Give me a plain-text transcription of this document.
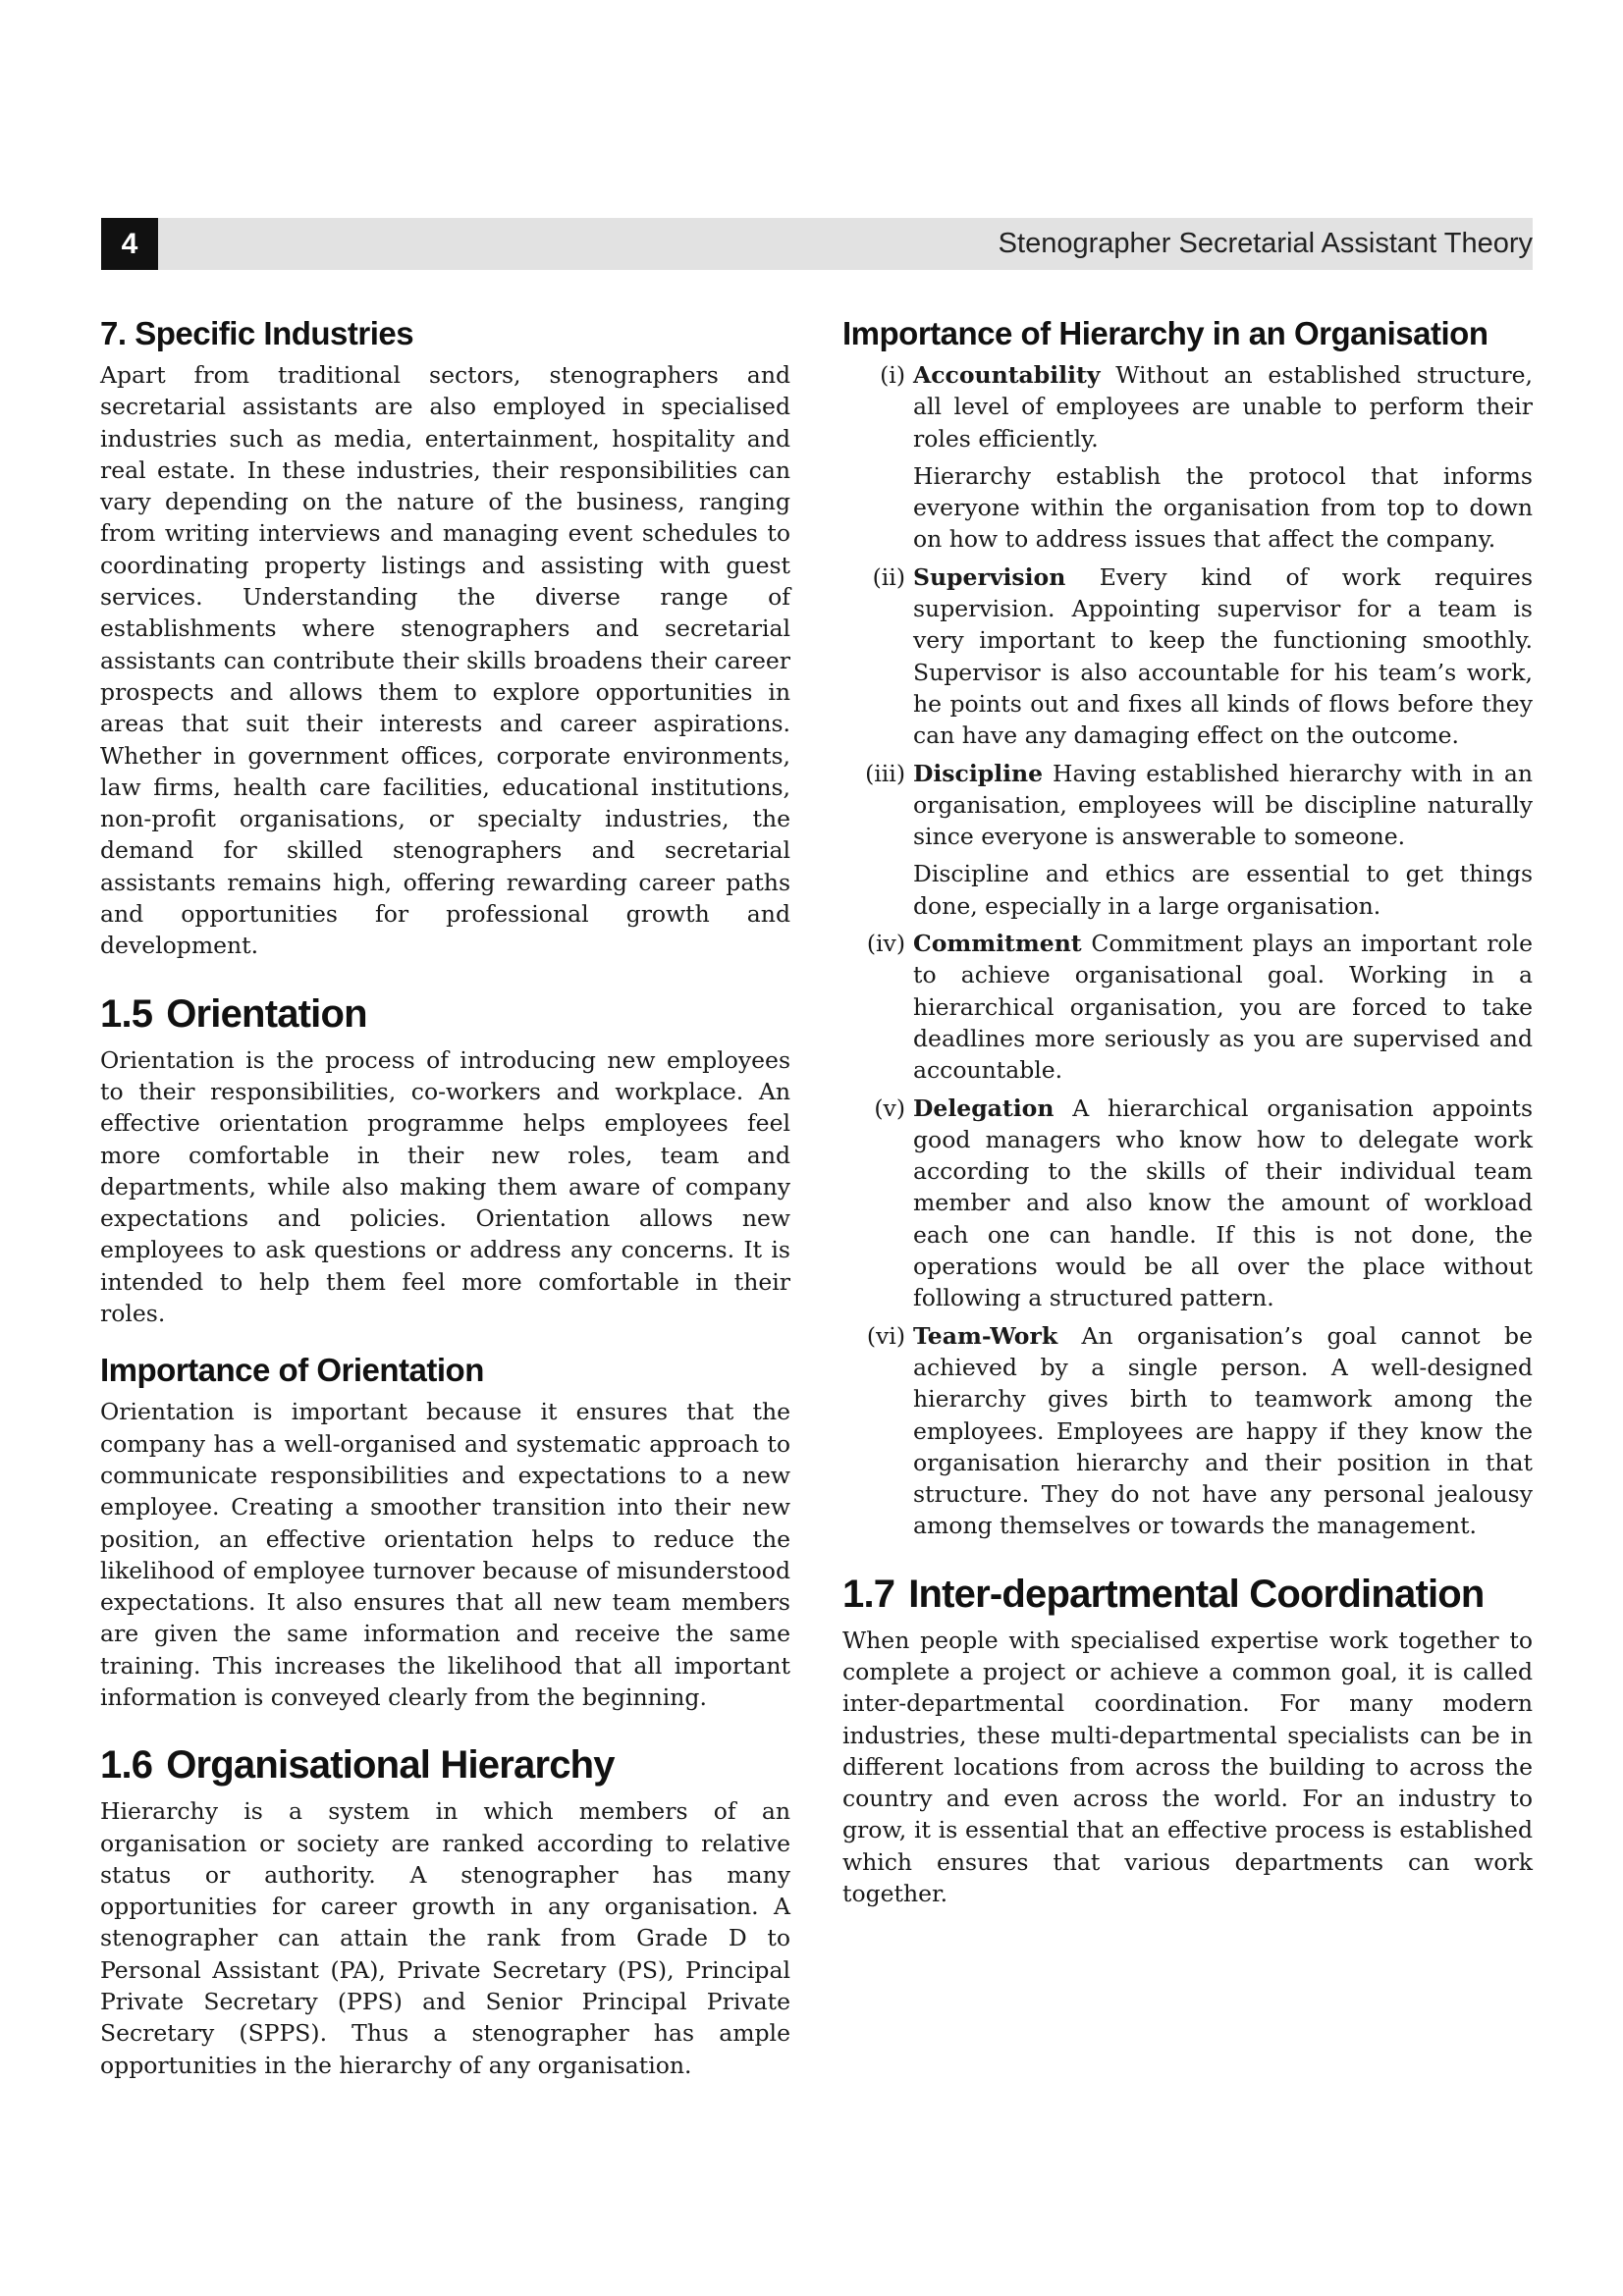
4	Stenographer Secretarial Assistant Theory
7. Specific Industries

Apart from traditional sectors, stenographers and secretarial assistants are also employed in specialised industries such as media, entertainment, hospitality and real estate. In these industries, their responsibilities can vary depending on the nature of the business, ranging from writing interviews and managing event schedules to coordinating property listings and assisting with guest services. Understanding the diverse range of establishments where stenographers and secretarial assistants can contribute their skills broadens their career prospects and allows them to explore opportunities in areas that suit their interests and career aspirations. Whether in government offices, corporate environments, law firms, health care facilities, educational institutions, non-profit organisations, or specialty industries, the demand for skilled stenographers and secretarial assistants remains high, offering rewarding career paths and opportunities for professional growth and development.

1.5 Orientation

Orientation is the process of introducing new employees to their responsibilities, co-workers and workplace. An effective orientation programme helps employees feel more comfortable in their new roles, team and departments, while also making them aware of company expectations and policies. Orientation allows new employees to ask questions or address any concerns. It is intended to help them feel more comfortable in their roles.

Importance of Orientation

Orientation is important because it ensures that the company has a well-organised and systematic approach to communicate responsibilities and expectations to a new employee. Creating a smoother transition into their new position, an effective orientation helps to reduce the likelihood of employee turnover because of misunderstood expectations. It also ensures that all new team members are given the same information and receive the same training. This increases the likelihood that all important information is conveyed clearly from the beginning.

1.6 Organisational Hierarchy

Hierarchy is a system in which members of an organisation or society are ranked according to relative status or authority. A stenographer has many opportunities for career growth in any organisation. A stenographer can attain the rank from Grade D to Personal Assistant (PA), Private Secretary (PS), Principal Private Secretary (PPS) and Senior Principal Private Secretary (SPPS). Thus a stenographer has ample opportunities in the hierarchy of any organisation.

Importance of Hierarchy in an Organisation

(i) Accountability Without an established structure, all level of employees are unable to perform their roles efficiently.

Hierarchy establish the protocol that informs everyone within the organisation from top to down on how to address issues that affect the company.

(ii) Supervision Every kind of work requires supervision. Appointing supervisor for a team is very important to keep the functioning smoothly. Supervisor is also accountable for his team’s work, he points out and fixes all kinds of flows before they can have any damaging effect on the outcome.

(iii) Discipline Having established hierarchy with in an organisation, employees will be discipline naturally since everyone is answerable to someone.

Discipline and ethics are essential to get things done, especially in a large organisation.

(iv) Commitment Commitment plays an important role to achieve organisational goal. Working in a hierarchical organisation, you are forced to take deadlines more seriously as you are supervised and accountable.

(v) Delegation A hierarchical organisation appoints good managers who know how to delegate work according to the skills of their individual team member and also know the amount of workload each one can handle. If this is not done, the operations would be all over the place without following a structured pattern.

(vi) Team-Work An organisation’s goal cannot be achieved by a single person. A well-designed hierarchy gives birth to teamwork among the employees. Employees are happy if they know the organisation hierarchy and their position in that structure. They do not have any personal jealousy among themselves or towards the management.

1.7 Inter-departmental Coordination

When people with specialised expertise work together to complete a project or achieve a common goal, it is called inter-departmental coordination. For many modern industries, these multi-departmental specialists can be in different locations from across the building to across the country and even across the world. For an industry to grow, it is essential that an effective process is established which ensures that various departments can work together.
